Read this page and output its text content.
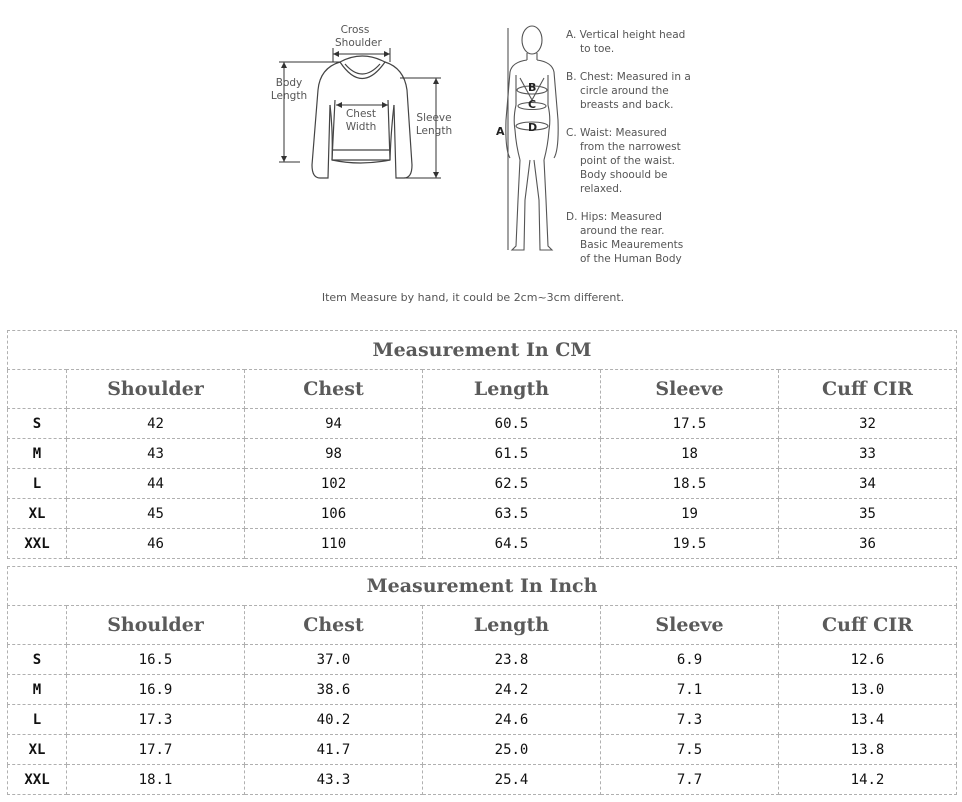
Cross
Shoulder
Body
Length
Chest
Width
Sleeve
Length	A
B
C
D
A. Vertical height head
to toe.
B. Chest: Measured in a
circle around the
breasts and back.
C. Waist: Measured
from the narrowest
point of the waist.
Body shoould be
relaxed.
D. Hips: Measured
around the rear.
Basic Meaurements
of the Human Body
Item Measure by hand, it could be 2cm~3cm different.
Measurement In CM					
	Shoulder	Chest	Length	Sleeve	Cuff CIR
S	42	94	60.5	17.5	32
M	43	98	61.5	18	33
L	44	102	62.5	18.5	34
XL	45	106	63.5	19	35
XXL	46	110	64.5	19.5	36
Measurement In Inch					
	Shoulder	Chest	Length	Sleeve	Cuff CIR
S	16.5	37.0	23.8	6.9	12.6
M	16.9	38.6	24.2	7.1	13.0
L	17.3	40.2	24.6	7.3	13.4
XL	17.7	41.7	25.0	7.5	13.8
XXL	18.1	43.3	25.4	7.7	14.2
